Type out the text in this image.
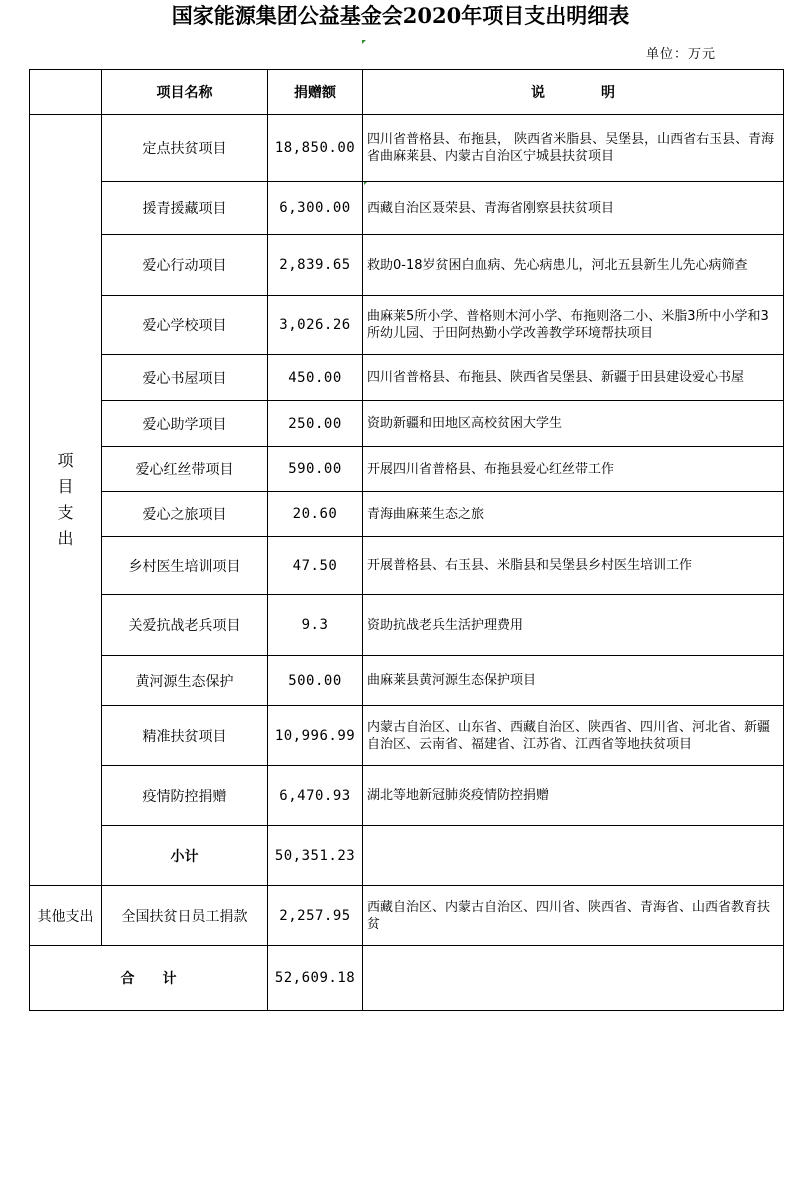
国家能源集团公益基金会2020年项目支出明细表
单位：万元
	项目名称	捐赠额	说　　　　明

项
目
支
出	定点扶贫项目	18,850.00	四川省普格县、布拖县， 陕西省米脂县、吴堡县，山西省右玉县、青海省曲麻莱县、内蒙古自治区宁城县扶贫项目
	援青援藏项目	6,300.00	西藏自治区聂荣县、青海省刚察县扶贫项目
	爱心行动项目	2,839.65	救助0-18岁贫困白血病、先心病患儿，河北五县新生儿先心病筛查
	爱心学校项目	3,026.26	曲麻莱5所小学、普格则木河小学、布拖则洛二小、米脂3所中小学和3所幼儿园、于田阿热勤小学改善教学环境帮扶项目
	爱心书屋项目	450.00	四川省普格县、布拖县、陕西省吴堡县、新疆于田县建设爱心书屋
	爱心助学项目	250.00	资助新疆和田地区高校贫困大学生
	爱心红丝带项目	590.00	开展四川省普格县、布拖县爱心红丝带工作
	爱心之旅项目	20.60	青海曲麻莱生态之旅
	乡村医生培训项目	47.50	开展普格县、右玉县、米脂县和吴堡县乡村医生培训工作
	关爱抗战老兵项目	9.3	资助抗战老兵生活护理费用
	黄河源生态保护	500.00	曲麻莱县黄河源生态保护项目
	精准扶贫项目	10,996.99	内蒙古自治区、山东省、西藏自治区、陕西省、四川省、河北省、新疆自治区、云南省、福建省、江苏省、江西省等地扶贫项目
	疫情防控捐赠	6,470.93	湖北等地新冠肺炎疫情防控捐赠
	小计	50,351.23	
其他支出	全国扶贫日员工捐款	2,257.95	西藏自治区、内蒙古自治区、四川省、陕西省、青海省、山西省教育扶贫
合　　计		52,609.18	
